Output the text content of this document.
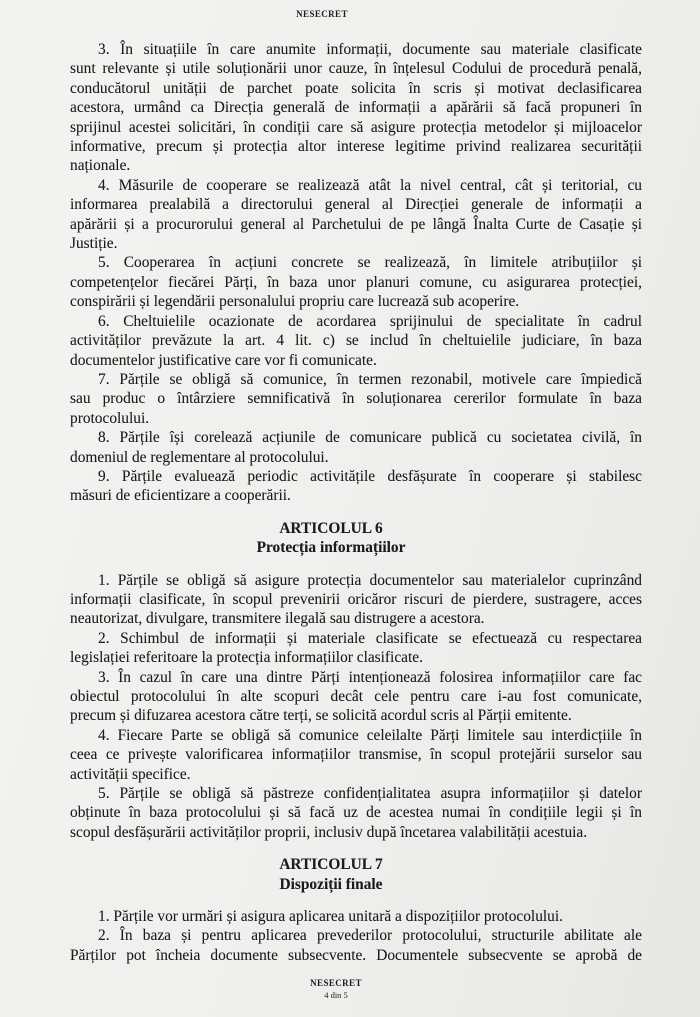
NESECRET

3. În situațiile în care anumite informații, documente sau materiale clasificate
sunt relevante și utile soluționării unor cauze, în înțelesul Codului de procedură penală,
conducătorul unității de parchet poate solicita în scris și motivat declasificarea
acestora, urmând ca Direcția generală de informații a apărării să facă propuneri în
sprijinul acestei solicitări, în condiții care să asigure protecția metodelor și mijloacelor
informative, precum și protecția altor interese legitime privind realizarea securității
naționale.

4. Măsurile de cooperare se realizează atât la nivel central, cât și teritorial, cu
informarea prealabilă a directorului general al Direcției generale de informații a
apărării și a procurorului general al Parchetului de pe lângă Înalta Curte de Casație și
Justiție.

5. Cooperarea în acțiuni concrete se realizează, în limitele atribuțiilor și
competențelor fiecărei Părți, în baza unor planuri comune, cu asigurarea protecției,
conspirării și legendării personalului propriu care lucrează sub acoperire.

6. Cheltuielile ocazionate de acordarea sprijinului de specialitate în cadrul
activităților prevăzute la art. 4 lit. c) se includ în cheltuielile judiciare, în baza
documentelor justificative care vor fi comunicate.

7. Părțile se obligă să comunice, în termen rezonabil, motivele care împiedică
sau produc o întârziere semnificativă în soluționarea cererilor formulate în baza
protocolului.

8. Părțile își corelează acțiunile de comunicare publică cu societatea civilă, în
domeniul de reglementare al protocolului.

9. Părțile evaluează periodic activitățile desfășurate în cooperare și stabilesc
măsuri de eficientizare a cooperării.

ARTICOLUL 6
Protecția informațiilor

1. Părțile se obligă să asigure protecția documentelor sau materialelor cuprinzând
informații clasificate, în scopul prevenirii oricăror riscuri de pierdere, sustragere, acces
neautorizat, divulgare, transmitere ilegală sau distrugere a acestora.

2. Schimbul de informații și materiale clasificate se efectuează cu respectarea
legislației referitoare la protecția informațiilor clasificate.

3. În cazul în care una dintre Părți intenționează folosirea informațiilor care fac
obiectul protocolului în alte scopuri decât cele pentru care i-au fost comunicate,
precum și difuzarea acestora către terți, se solicită acordul scris al Părții emitente.

4. Fiecare Parte se obligă să comunice celeilalte Părți limitele sau interdicțiile în
ceea ce privește valorificarea informațiilor transmise, în scopul protejării surselor sau
activității specifice.

5. Părțile se obligă să păstreze confidențialitatea asupra informațiilor și datelor
obținute în baza protocolului și să facă uz de acestea numai în condițiile legii și în
scopul desfășurării activităților proprii, inclusiv după încetarea valabilității acestuia.

ARTICOLUL 7
Dispoziții finale

1. Părțile vor urmări și asigura aplicarea unitară a dispozițiilor protocolului.

2. În baza și pentru aplicarea prevederilor protocolului, structurile abilitate ale
Părților pot încheia documente subsecvente. Documentele subsecvente se aprobă de

NESECRET
4 din 5
